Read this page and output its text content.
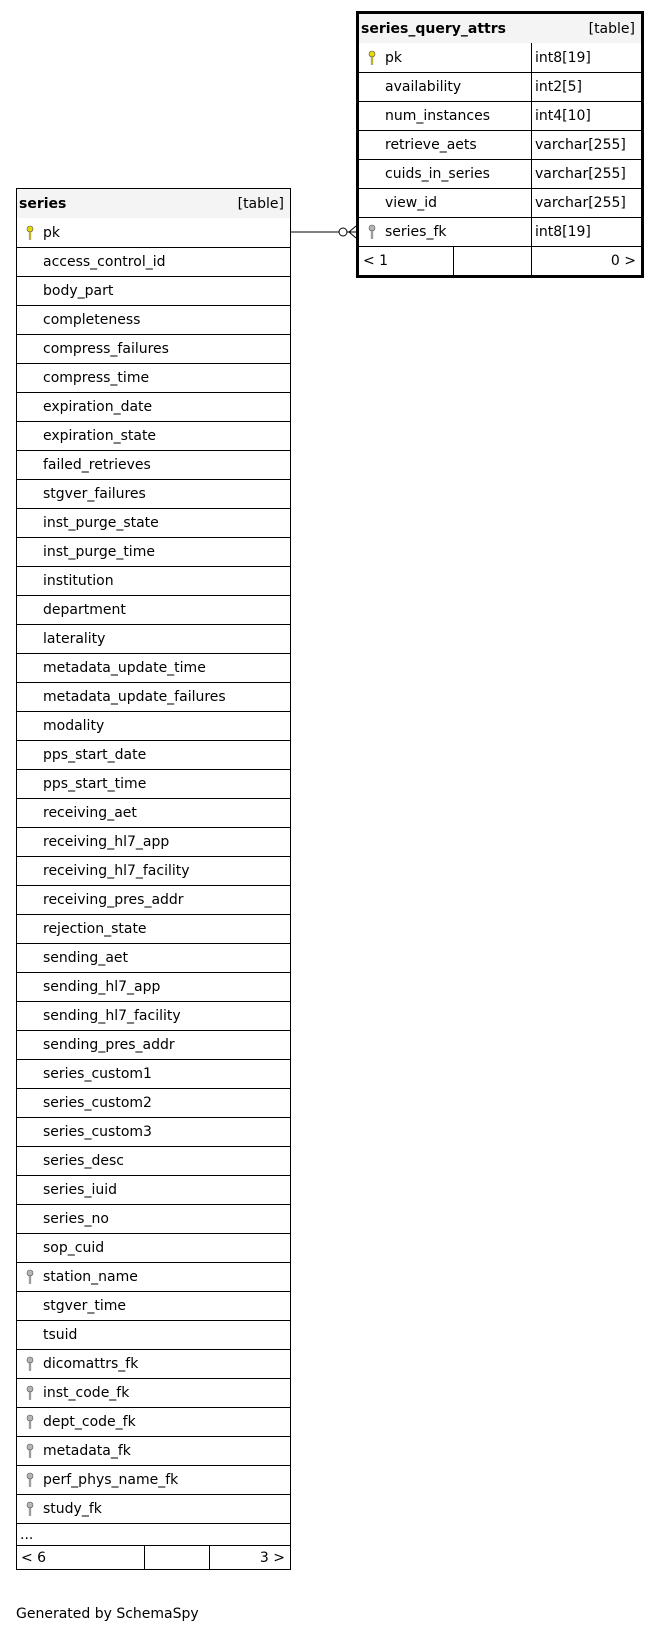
series_query_attrs	[table]
pk	int8[19]
availability	int2[5]
num_instances	int4[10]
retrieve_aets	varchar[255]
cuids_in_series	varchar[255]
view_id	varchar[255]
series_fk	int8[19]
< 1	0 >
series	[table]
pk
access_control_id
body_part
completeness
compress_failures
compress_time
expiration_date
expiration_state
failed_retrieves
stgver_failures
inst_purge_state
inst_purge_time
institution
department
laterality
metadata_update_time
metadata_update_failures
modality
pps_start_date
pps_start_time
receiving_aet
receiving_hl7_app
receiving_hl7_facility
receiving_pres_addr
rejection_state
sending_aet
sending_hl7_app
sending_hl7_facility
sending_pres_addr
series_custom1
series_custom2
series_custom3
series_desc
series_iuid
series_no
sop_cuid
station_name
stgver_time
tsuid
dicomattrs_fk
inst_code_fk
dept_code_fk
metadata_fk
perf_phys_name_fk
study_fk
...
< 6	3 >
Generated by SchemaSpy
